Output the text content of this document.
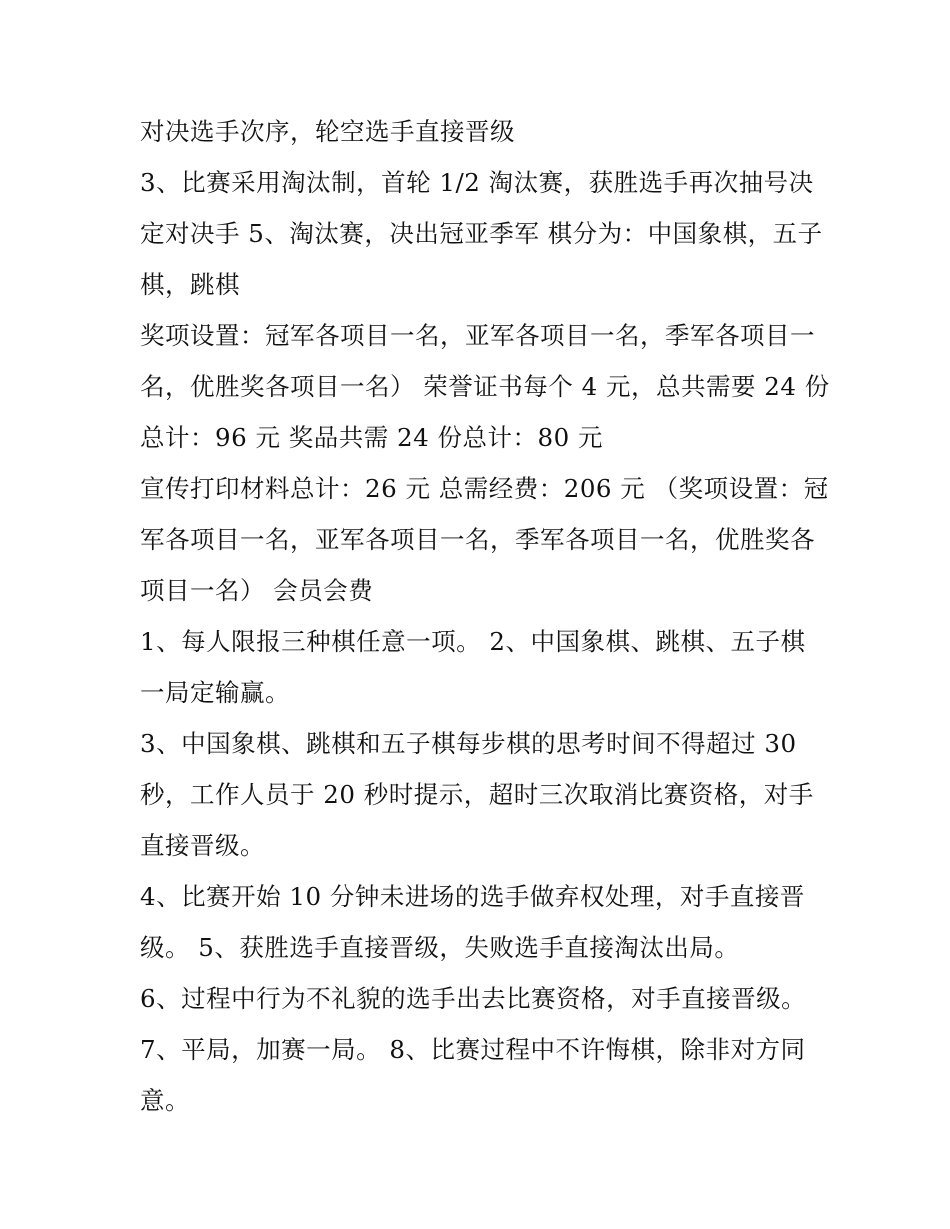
对决选手次序，轮空选手直接晋级
3、比赛采用淘汰制，首轮 1/2 淘汰赛，获胜选手再次抽号决
定对决手 5、淘汰赛，决出冠亚季军 棋分为：中国象棋，五子
棋，跳棋
奖项设置：冠军各项目一名，亚军各项目一名，季军各项目一
名，优胜奖各项目一名） 荣誉证书每个 4 元，总共需要 24 份
总计：96 元 奖品共需 24 份总计：80 元
宣传打印材料总计：26 元 总需经费：206 元 （奖项设置：冠
军各项目一名，亚军各项目一名，季军各项目一名，优胜奖各
项目一名） 会员会费
1、每人限报三种棋任意一项。 2、中国象棋、跳棋、五子棋
一局定输赢。
3、中国象棋、跳棋和五子棋每步棋的思考时间不得超过 30
秒，工作人员于 20 秒时提示，超时三次取消比赛资格，对手
直接晋级。
4、比赛开始 10 分钟未进场的选手做弃权处理，对手直接晋
级。 5、获胜选手直接晋级，失败选手直接淘汰出局。
6、过程中行为不礼貌的选手出去比赛资格，对手直接晋级。
7、平局，加赛一局。 8、比赛过程中不许悔棋，除非对方同
意。
